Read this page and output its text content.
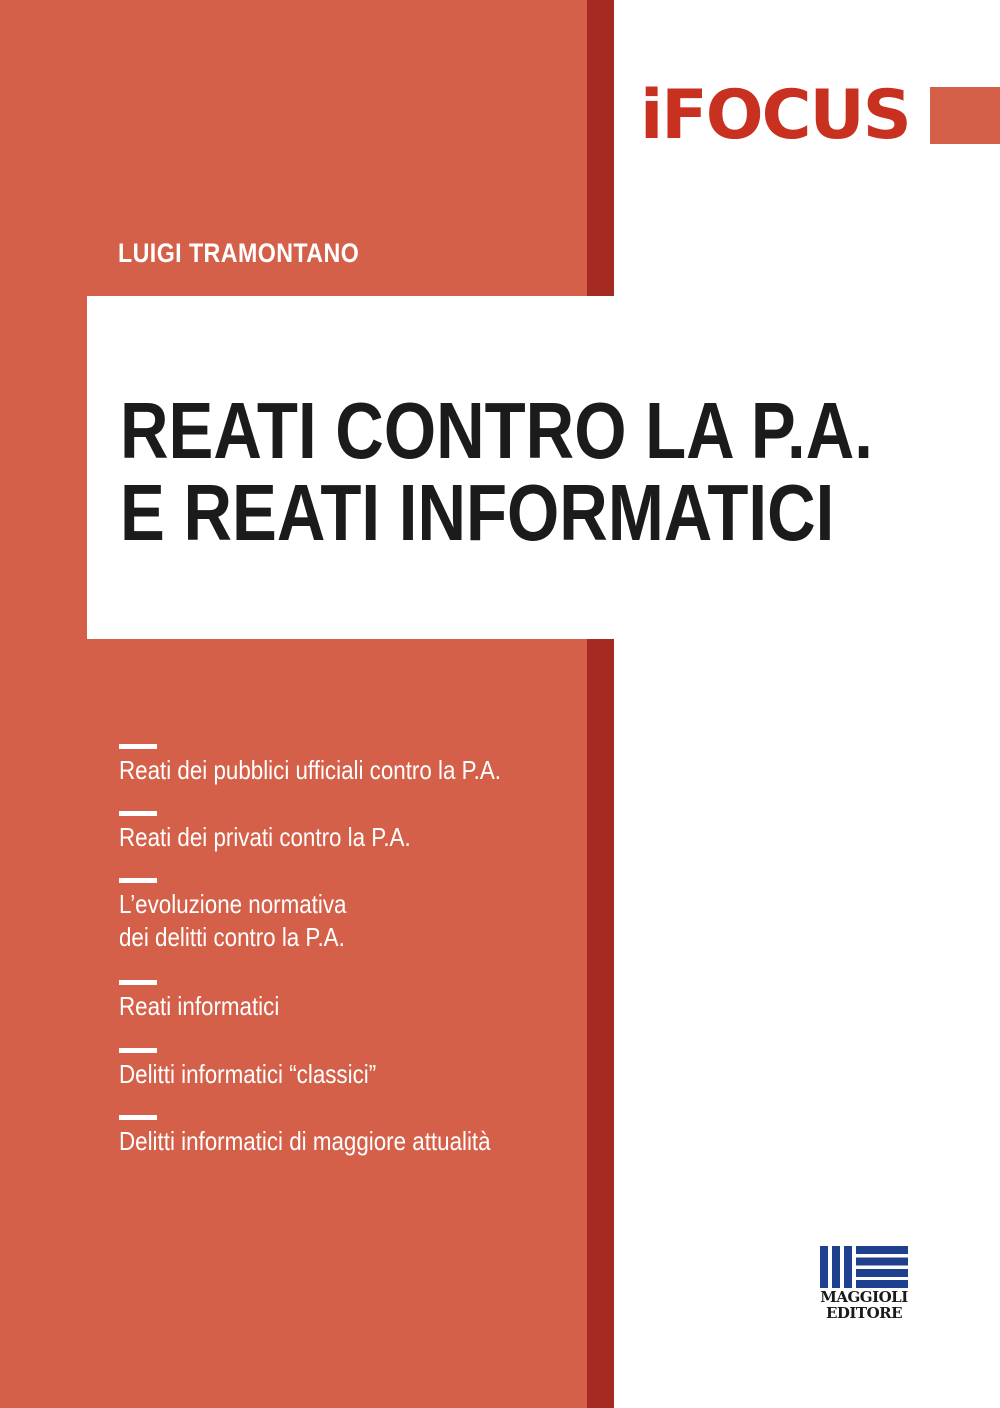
iFOCUS
LUIGI TRAMONTANO
REATI CONTRO LA P.A.
E REATI INFORMATICI
Reati dei pubblici ufficiali contro la P.A.
Reati dei privati contro la P.A.
L’evoluzione normativa
dei delitti contro la P.A.
Reati informatici
Delitti informatici “classici”
Delitti informatici di maggiore attualità
MAGGIOLI
EDITORE
